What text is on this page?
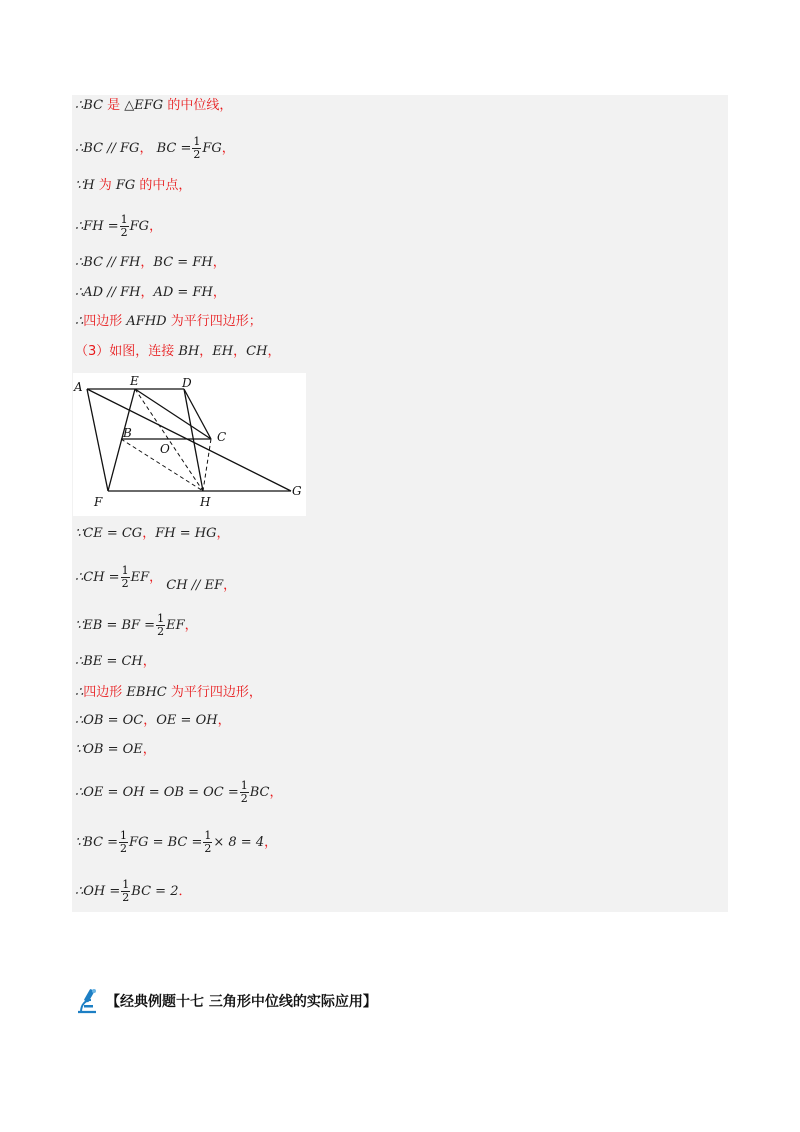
∴BC 是 △EFG 的中位线，
∴BC // FG， BC = $\frac{1}{2}$ FG，
∵H 为 FG 的中点，
∴FH = $\frac{1}{2}$ FG，
∴BC // FH，BC = FH，
∴AD // FH，AD = FH，
∴四边形 AFHD 为平行四边形；
（3）如图，连接 BH，EH，CH，
A	E	D
B
O
C
F	H
G
∵CE = CG，FH = HG，
∴CH = $\frac{1}{2}$ EF， CH // EF，
∵EB = BF = $\frac{1}{2}$ EF，
∴BE = CH，
∴四边形 EBHC 为平行四边形，
∴OB = OC，OE = OH，
∵OB = OE，
∴OE = OH = OB = OC = $\frac{1}{2}$ BC，
∵BC = $\frac{1}{2}$ FG = BC = $\frac{1}{2} \times 8 = 4$，
∴OH = $\frac{1}{2}$ BC = 2．
【经典例题十七 三角形中位线的实际应用】
